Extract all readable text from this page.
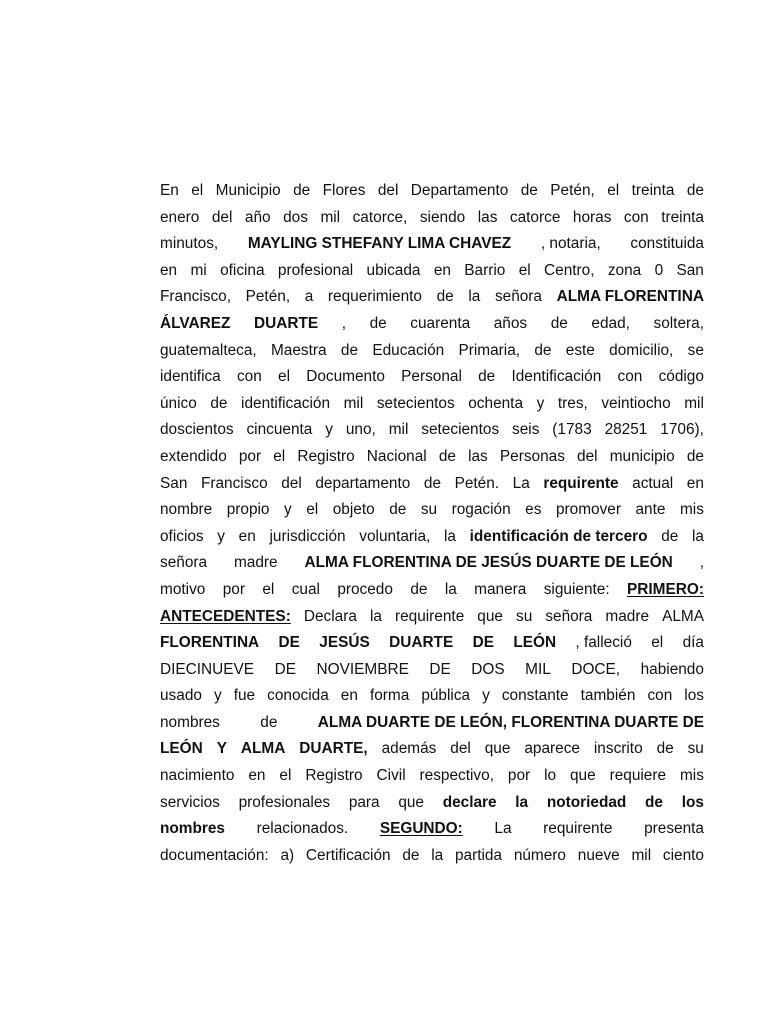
En el Municipio de Flores del Departamento de Petén, el treinta de
enero del año dos mil catorce, siendo las catorce horas con treinta
minutos, MAYLING STHEFANY LIMA CHAVEZ , notaria, constituida
en mi oficina profesional ubicada en Barrio el Centro, zona 0 San
Francisco, Petén, a requerimiento de la señora ALMA FLORENTINA
ÁLVAREZ DUARTE , de cuarenta años de edad, soltera,
guatemalteca, Maestra de Educación Primaria, de este domicilio, se
identifica con el Documento Personal de Identificación con código
único de identificación mil setecientos ochenta y tres, veintiocho mil
doscientos cincuenta y uno, mil setecientos seis (1783 28251 1706),
extendido por el Registro Nacional de las Personas del municipio de
San Francisco del departamento de Petén. La requirente actual en
nombre propio y el objeto de su rogación es promover ante mis
oficios y en jurisdicción voluntaria, la identificación de tercero de la
señora madre ALMA FLORENTINA DE JESÚS DUARTE DE LEÓN ,
motivo por el cual procedo de la manera siguiente: PRIMERO:
ANTECEDENTES: Declara la requirente que su señora madre ALMA
FLORENTINA DE JESÚS DUARTE DE LEÓN , falleció el día
DIECINUEVE DE NOVIEMBRE DE DOS MIL DOCE, habiendo
usado y fue conocida en forma pública y constante también con los
nombres	de	ALMA DUARTE DE LEÓN, FLORENTINA DUARTE DE
LEÓN Y ALMA DUARTE, además del que aparece inscrito de su
nacimiento en el Registro Civil respectivo, por lo que requiere mis
servicios profesionales para que declare la notoriedad de los
nombres relacionados. SEGUNDO: La requirente presenta
documentación: a) Certificación de la partida número nueve mil ciento
